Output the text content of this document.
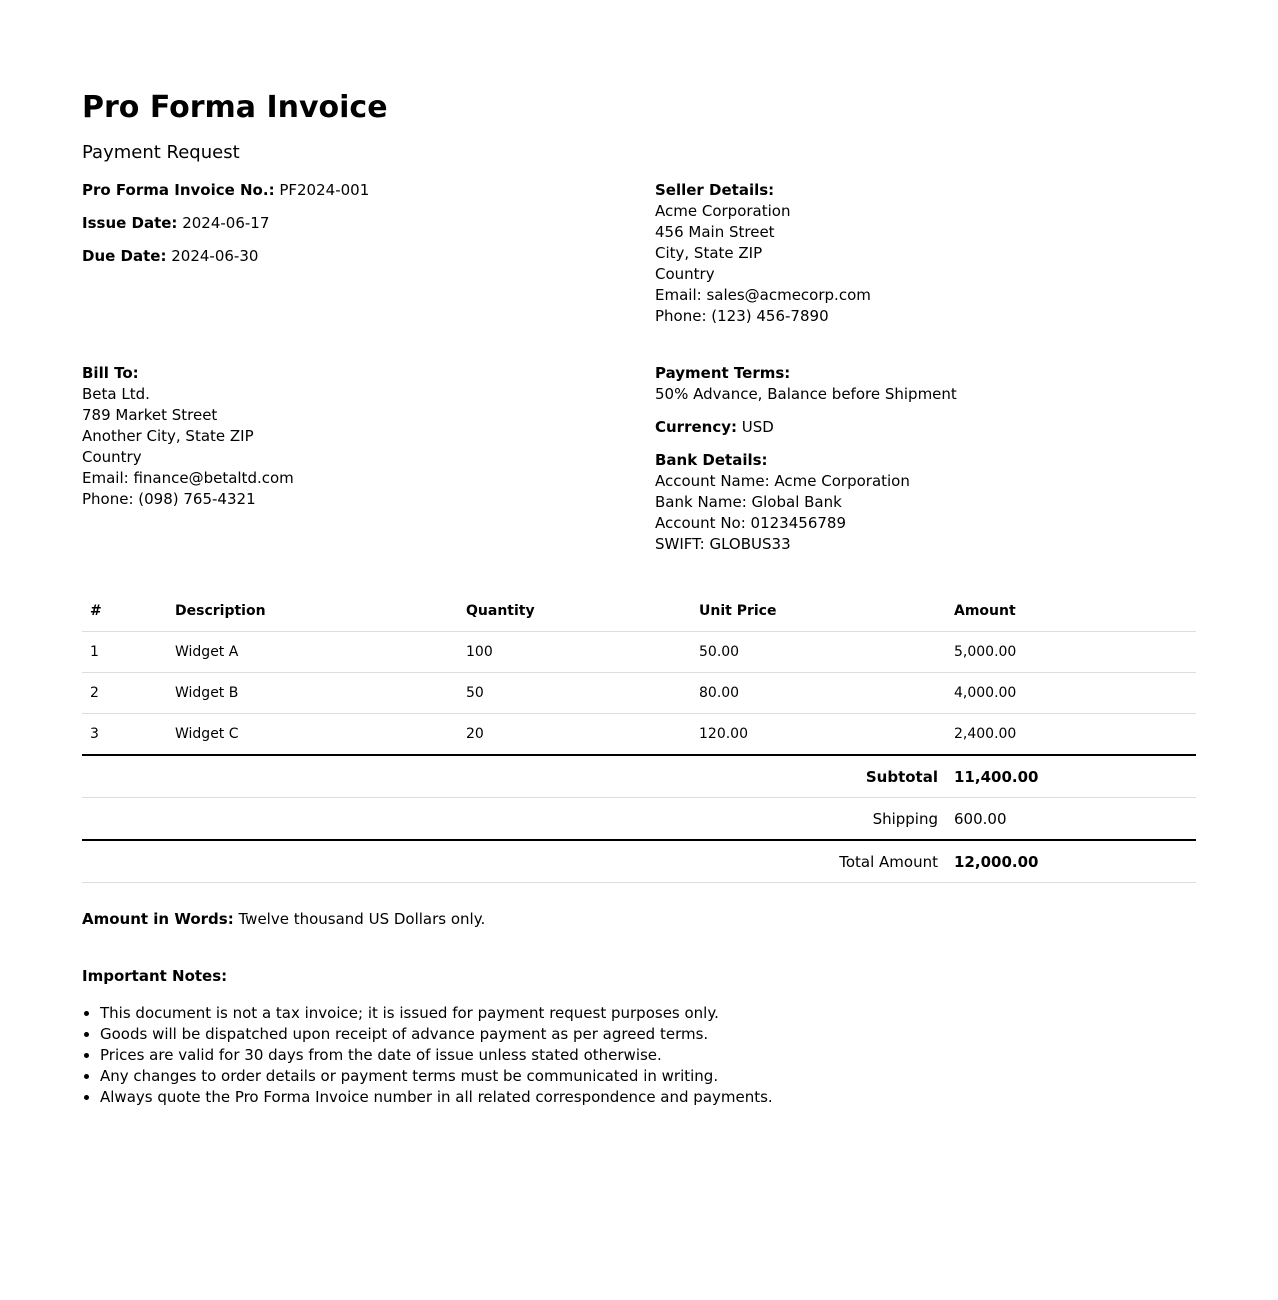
Pro Forma Invoice
Payment Request

Pro Forma Invoice No.: PF2024-001

Issue Date: 2024-06-17

Due Date: 2024-06-30

Seller Details:
Acme Corporation
456 Main Street
City, State ZIP
Country
Email: sales@acmecorp.com
Phone: (123) 456-7890
Bill To:
Beta Ltd.
789 Market Street
Another City, State ZIP
Country
Email: finance@betaltd.com
Phone: (098) 765-4321

Payment Terms:
50% Advance, Balance before Shipment

Currency: USD

Bank Details:
Account Name: Acme Corporation
Bank Name: Global Bank
Account No: 0123456789
SWIFT: GLOBUS33
#	Description	Quantity	Unit Price	Amount
1	Widget A	100	50.00	5,000.00
2	Widget B	50	80.00	4,000.00
3	Widget C	20	120.00	2,400.00
Subtotal				11,400.00
Shipping				600.00
Total Amount				12,000.00

Amount in Words: Twelve thousand US Dollars only.

Important Notes:

• This document is not a tax invoice; it is issued for payment request purposes only.
• Goods will be dispatched upon receipt of advance payment as per agreed terms.
• Prices are valid for 30 days from the date of issue unless stated otherwise.
• Any changes to order details or payment terms must be communicated in writing.
• Always quote the Pro Forma Invoice number in all related correspondence and payments.
